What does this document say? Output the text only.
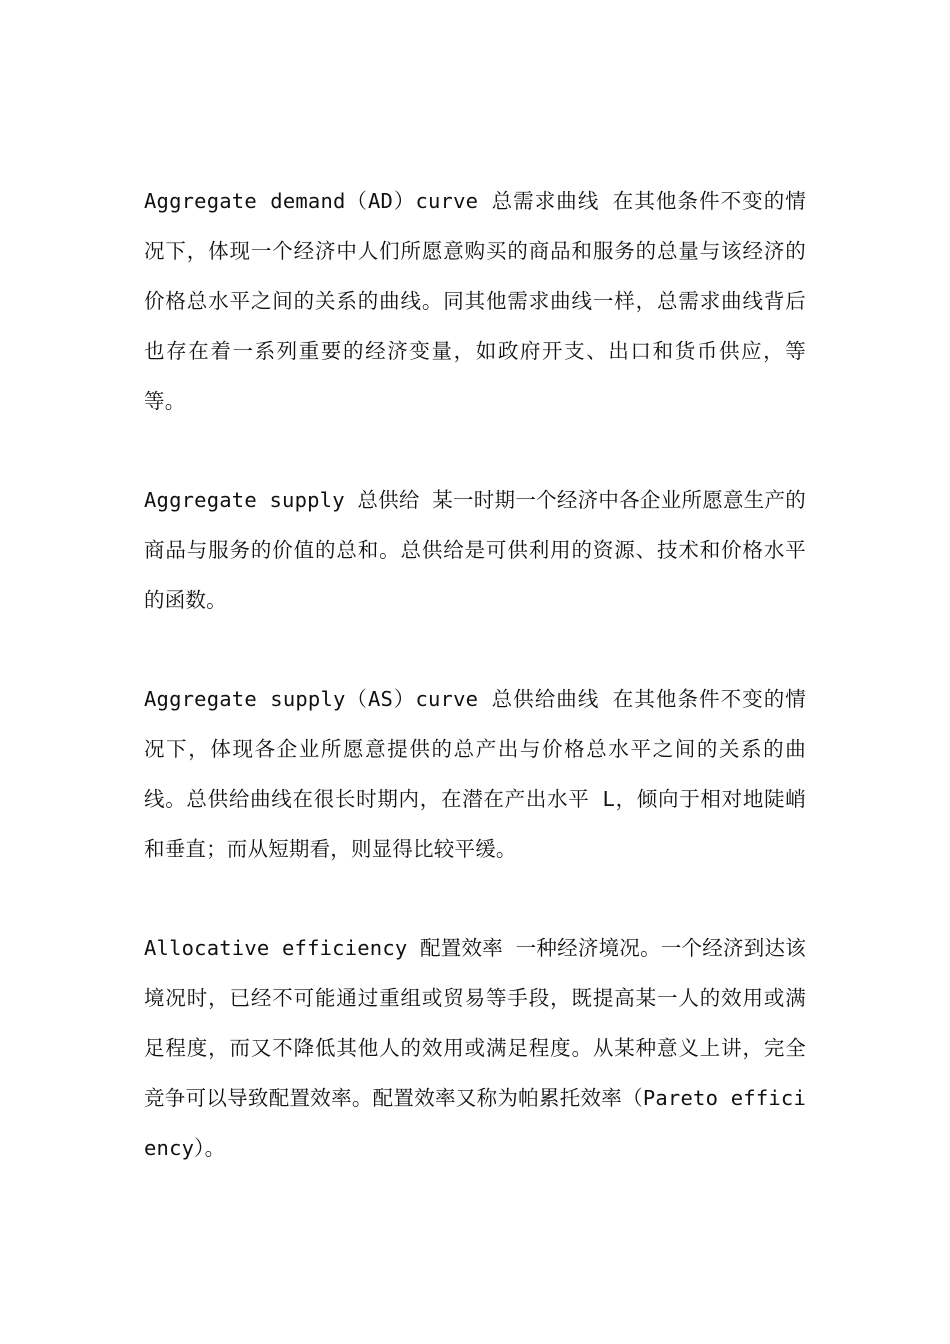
Aggregate demand（AD）curve 总需求曲线 在其他条件不变的情况下，体现一个经济中人们所愿意购买的商品和服务的总量与该经济的价格总水平之间的关系的曲线。同其他需求曲线一样，总需求曲线背后也存在着一系列重要的经济变量，如政府开支、出口和货币供应，等等。

Aggregate supply 总供给 某一时期一个经济中各企业所愿意生产的商品与服务的价值的总和。总供给是可供利用的资源、技术和价格水平的函数。

Aggregate supply（AS）curve 总供给曲线 在其他条件不变的情况下，体现各企业所愿意提供的总产出与价格总水平之间的关系的曲线。总供给曲线在很长时期内，在潜在产出水平 L，倾向于相对地陡峭和垂直；而从短期看，则显得比较平缓。

Allocative efficiency 配置效率 一种经济境况。一个经济到达该境况时，已经不可能通过重组或贸易等手段，既提高某一人的效用或满足程度，而又不降低其他人的效用或满足程度。从某种意义上讲，完全竞争可以导致配置效率。配置效率又称为帕累托效率（Pareto efficiency）。
